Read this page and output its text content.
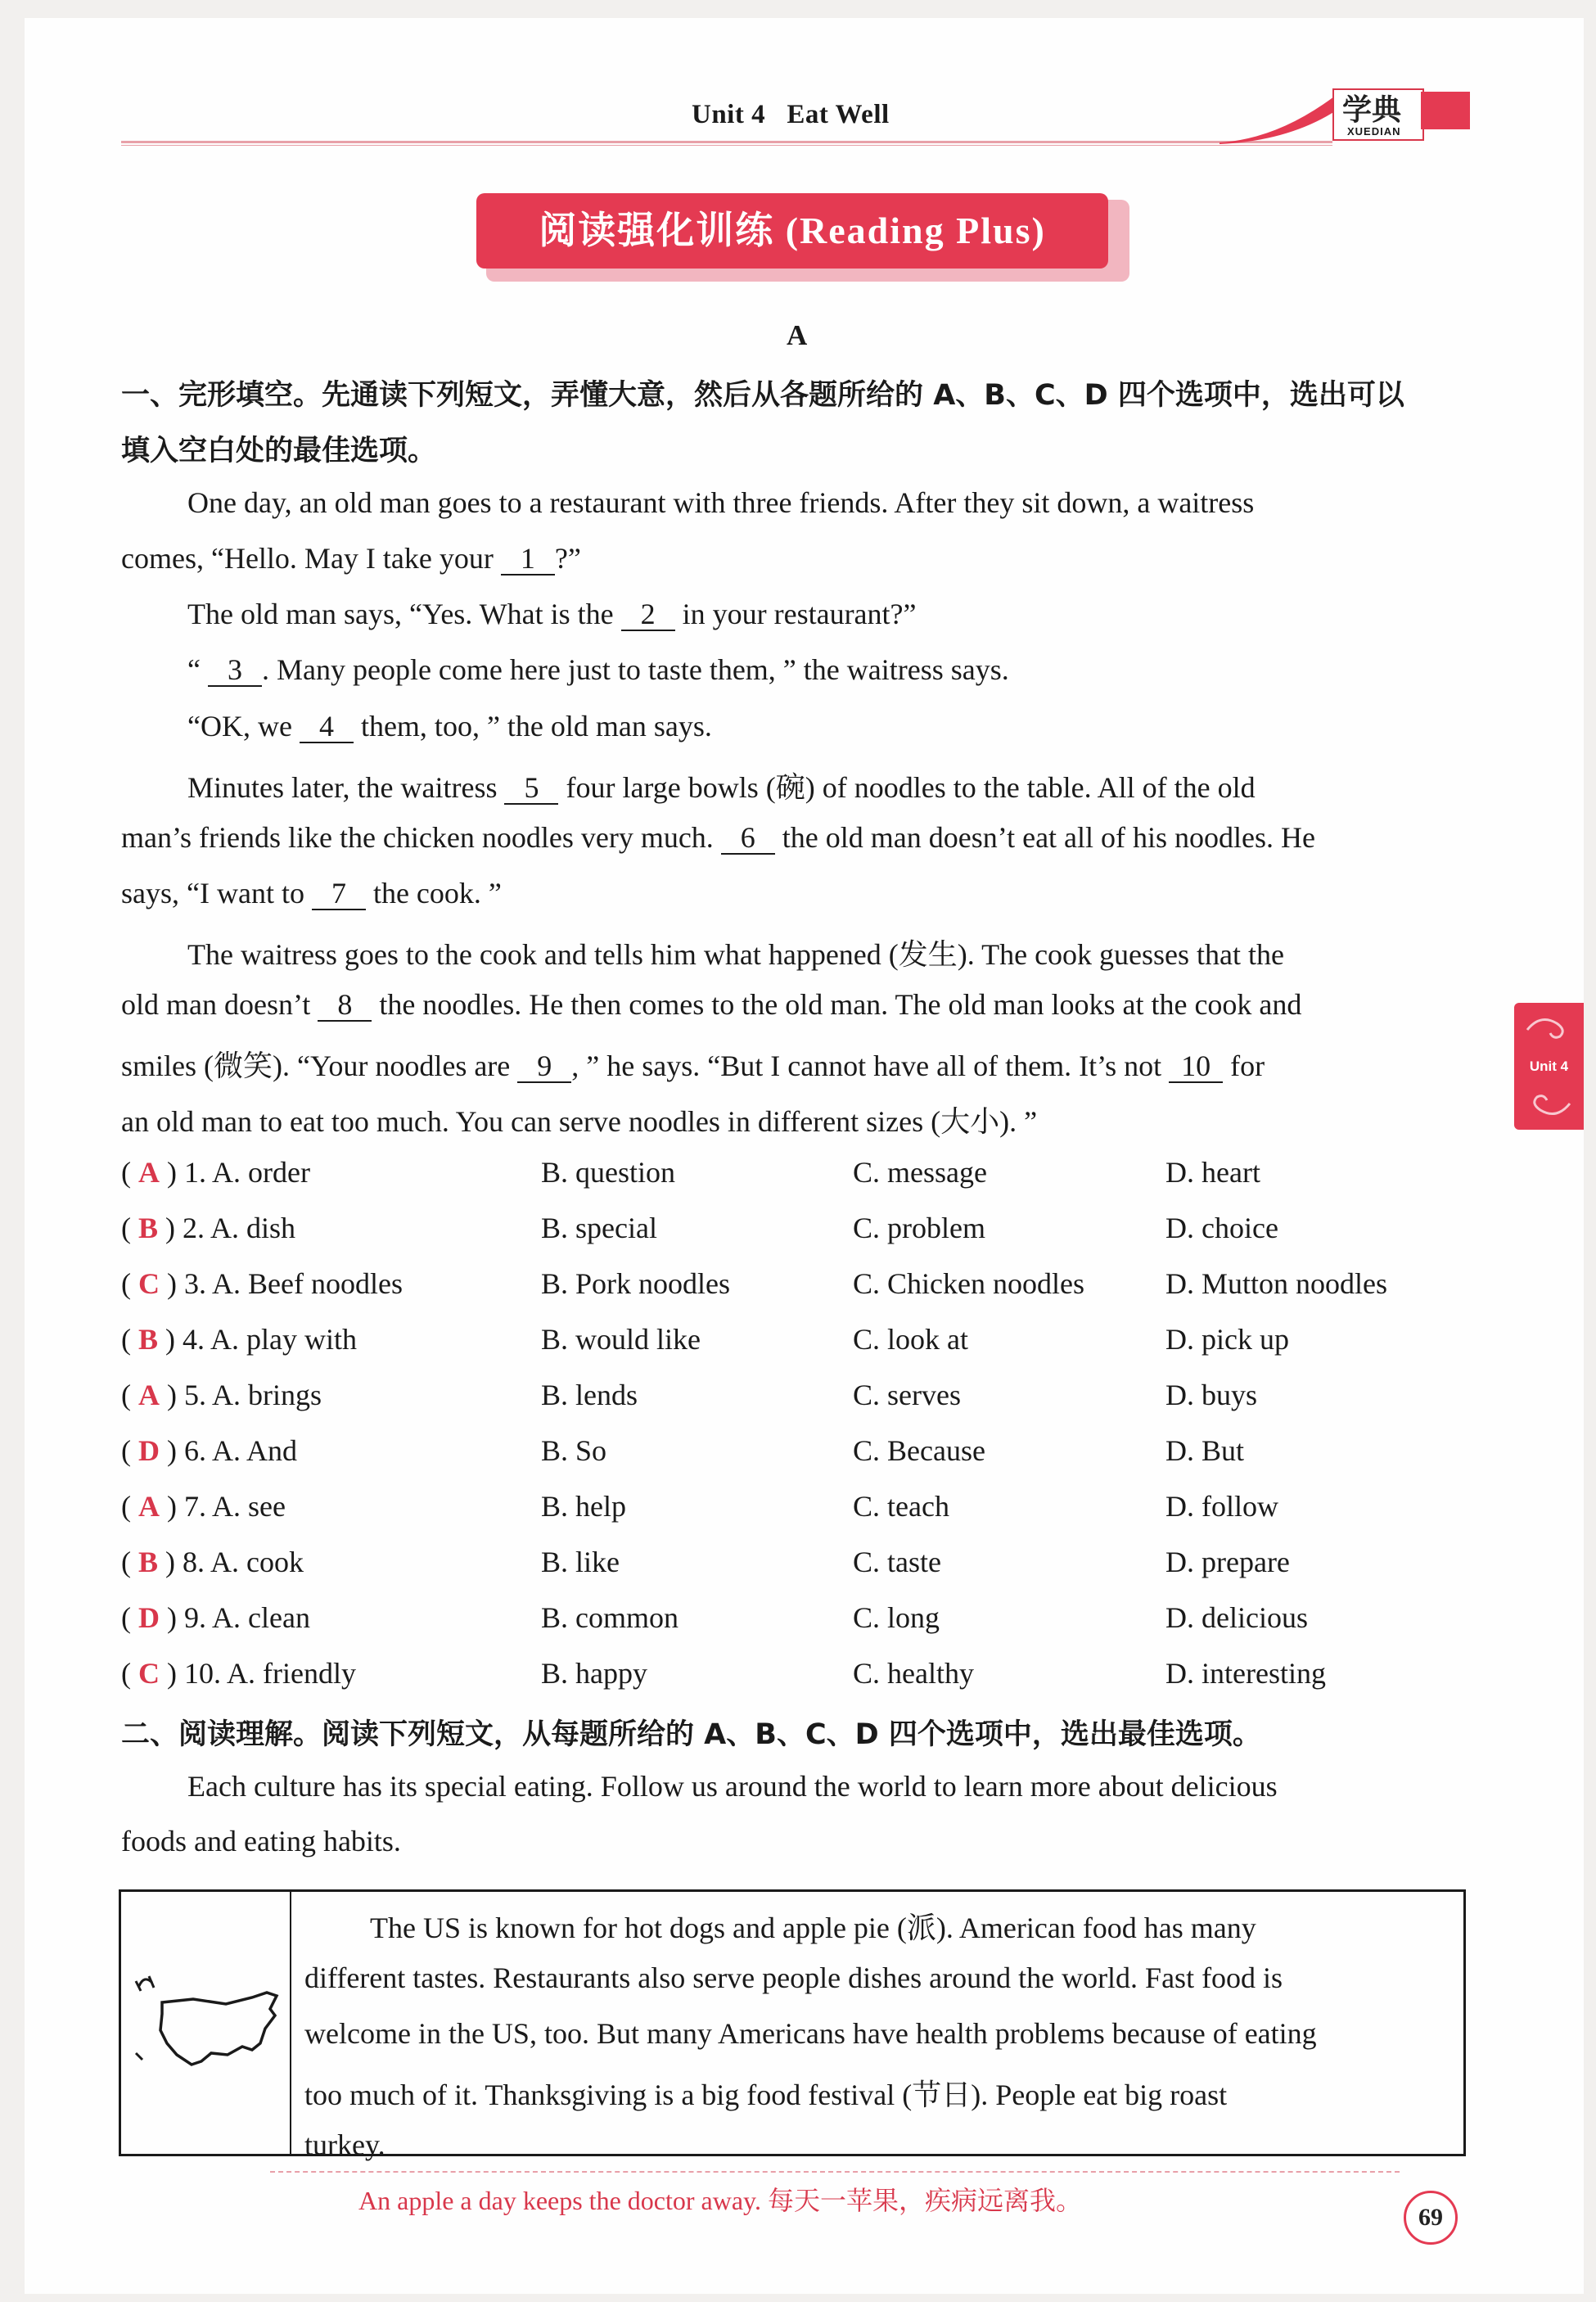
Unit 4   Eat Well	学典
XUEDIAN
阅读强化训练 (Reading Plus)
A
一、完形填空。先通读下列短文，弄懂大意，然后从各题所给的 A、B、C、D 四个选项中，选出可以
填入空白处的最佳选项。
One day, an old man goes to a restaurant with three friends. After they sit down, a waitress
comes, “Hello. May I take your 1 ?”
The old man says, “Yes. What is the 2 in your restaurant?”
“ 3 . Many people come here just to taste them, ” the waitress says.
“OK, we 4 them, too, ” the old man says.
Minutes later, the waitress 5 four large bowls (碗) of noodles to the table. All of the old
man’s friends like the chicken noodles very much. 6 the old man doesn’t eat all of his noodles. He
says, “I want to 7 the cook. ”
The waitress goes to the cook and tells him what happened (发生). The cook guesses that the
old man doesn’t 8 the noodles. He then comes to the old man. The old man looks at the cook and
smiles (微笑). “Your noodles are 9 , ” he says. “But I cannot have all of them. It’s not 10 for
an old man to eat too much. You can serve noodles in different sizes (大小). ”
( A ) 1. A. order	B. question	C. message	D. heart
( B ) 2. A. dish	B. special	C. problem	D. choice
( C ) 3. A. Beef noodles	B. Pork noodles	C. Chicken noodles	D. Mutton noodles
( B ) 4. A. play with	B. would like	C. look at	D. pick up
( A ) 5. A. brings	B. lends	C. serves	D. buys
( D ) 6. A. And	B. So	C. Because	D. But
( A ) 7. A. see	B. help	C. teach	D. follow
( B ) 8. A. cook	B. like	C. taste	D. prepare
( D ) 9. A. clean	B. common	C. long	D. delicious
( C ) 10. A. friendly	B. happy	C. healthy	D. interesting
二、阅读理解。阅读下列短文，从每题所给的 A、B、C、D 四个选项中，选出最佳选项。
Each culture has its special eating. Follow us around the world to learn more about delicious
foods and eating habits.
The US is known for hot dogs and apple pie (派). American food has many
different tastes. Restaurants also serve people dishes around the world. Fast food is
welcome in the US, too. But many Americans have health problems because of eating
too much of it. Thanksgiving is a big food festival (节日). People eat big roast
turkey.
Unit 4
An apple a day keeps the doctor away. 每天一苹果，疾病远离我。
69
